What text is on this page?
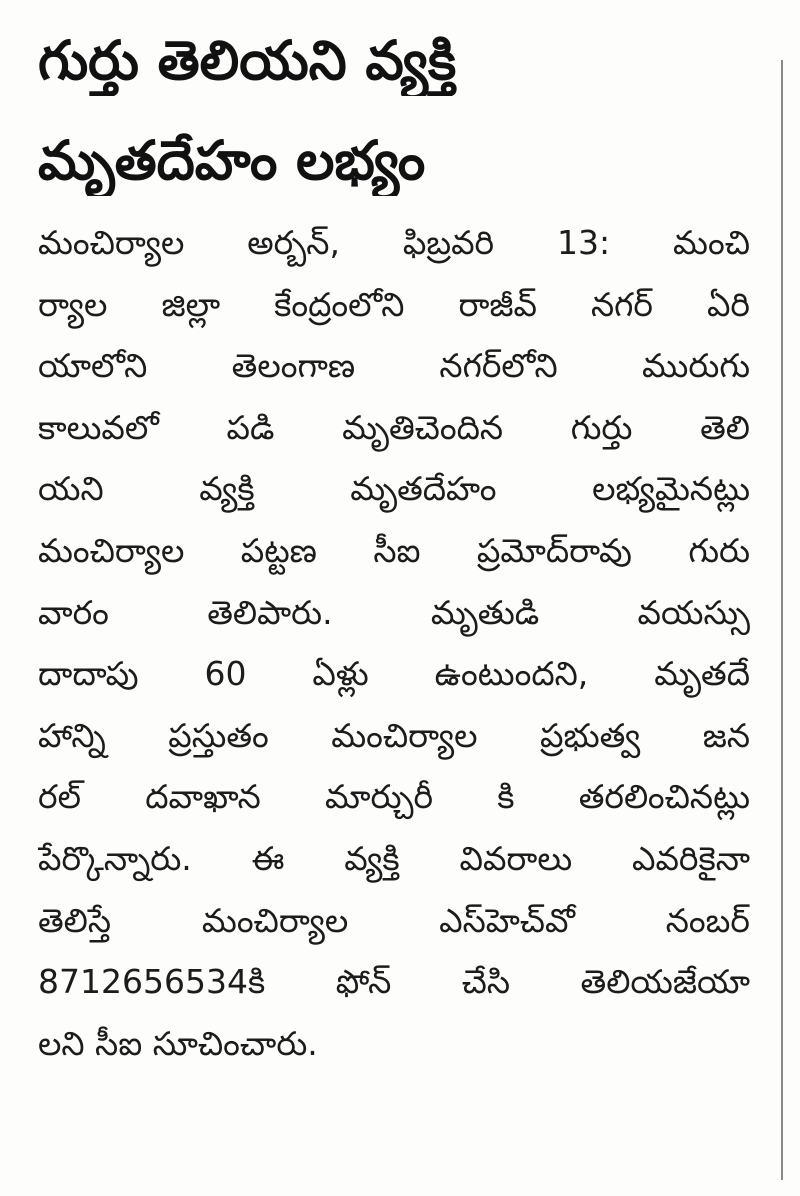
గుర్తు తెలియని వ్యక్తి
మృతదేహం లభ్యం
మంచిర్యాల అర్బన్, ఫిబ్రవరి 13: మంచి
ర్యాల జిల్లా కేంద్రంలోని రాజీవ్ నగర్ ఏరి
యాలోని తెలంగాణ నగర్‌లోని మురుగు
కాలువలో పడి మృతిచెందిన గుర్తు తెలి
యని వ్యక్తి మృతదేహం లభ్యమైనట్లు
మంచిర్యాల పట్టణ సీఐ ప్రమోద్‌రావు గురు
వారం తెలిపారు. మృతుడి వయస్సు
దాదాపు 60 ఏళ్లు ఉంటుందని, మృతదే
హాన్ని ప్రస్తుతం మంచిర్యాల ప్రభుత్వ జన
రల్ దవాఖాన మార్చురీ కి తరలించినట్లు
పేర్కొన్నారు. ఈ వ్యక్తి వివరాలు ఎవరికైనా
తెలిస్తే మంచిర్యాల ఎస్‌హెచ్‌వో నంబర్
8712656534కి ఫోన్ చేసి తెలియజేయా
లని సీఐ సూచించారు.
